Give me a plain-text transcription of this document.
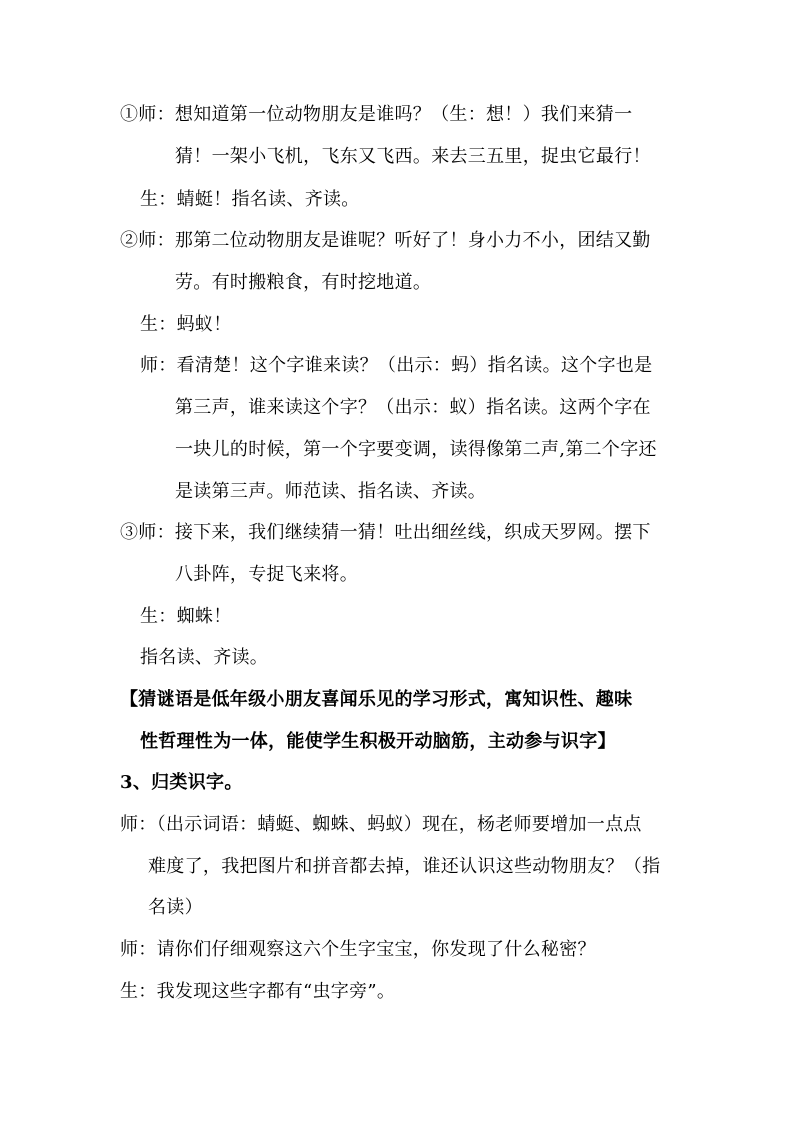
①师：想知道第一位动物朋友是谁吗？（生：想！）我们来猜一
猜！一架小飞机，飞东又飞西。来去三五里，捉虫它最行！
生：蜻蜓！指名读、齐读。
②师：那第二位动物朋友是谁呢？听好了！身小力不小，团结又勤
劳。有时搬粮食，有时挖地道。
生：蚂蚁！
师：看清楚！这个字谁来读？（出示：蚂）指名读。这个字也是
第三声，谁来读这个字？（出示：蚁）指名读。这两个字在
一块儿的时候，第一个字要变调，读得像第二声,第二个字还
是读第三声。师范读、指名读、齐读。
③师：接下来，我们继续猜一猜！吐出细丝线，织成天罗网。摆下
八卦阵，专捉飞来将。
生：蜘蛛！
指名读、齐读。
【猜谜语是低年级小朋友喜闻乐见的学习形式，寓知识性、趣味
性哲理性为一体，能使学生积极开动脑筋，主动参与识字】
3、归类识字。
师：（出示词语：蜻蜓、蜘蛛、蚂蚁）现在，杨老师要增加一点点
难度了，我把图片和拼音都去掉，谁还认识这些动物朋友？（指
名读）
师：请你们仔细观察这六个生字宝宝，你发现了什么秘密？
生：我发现这些字都有“虫字旁”。
